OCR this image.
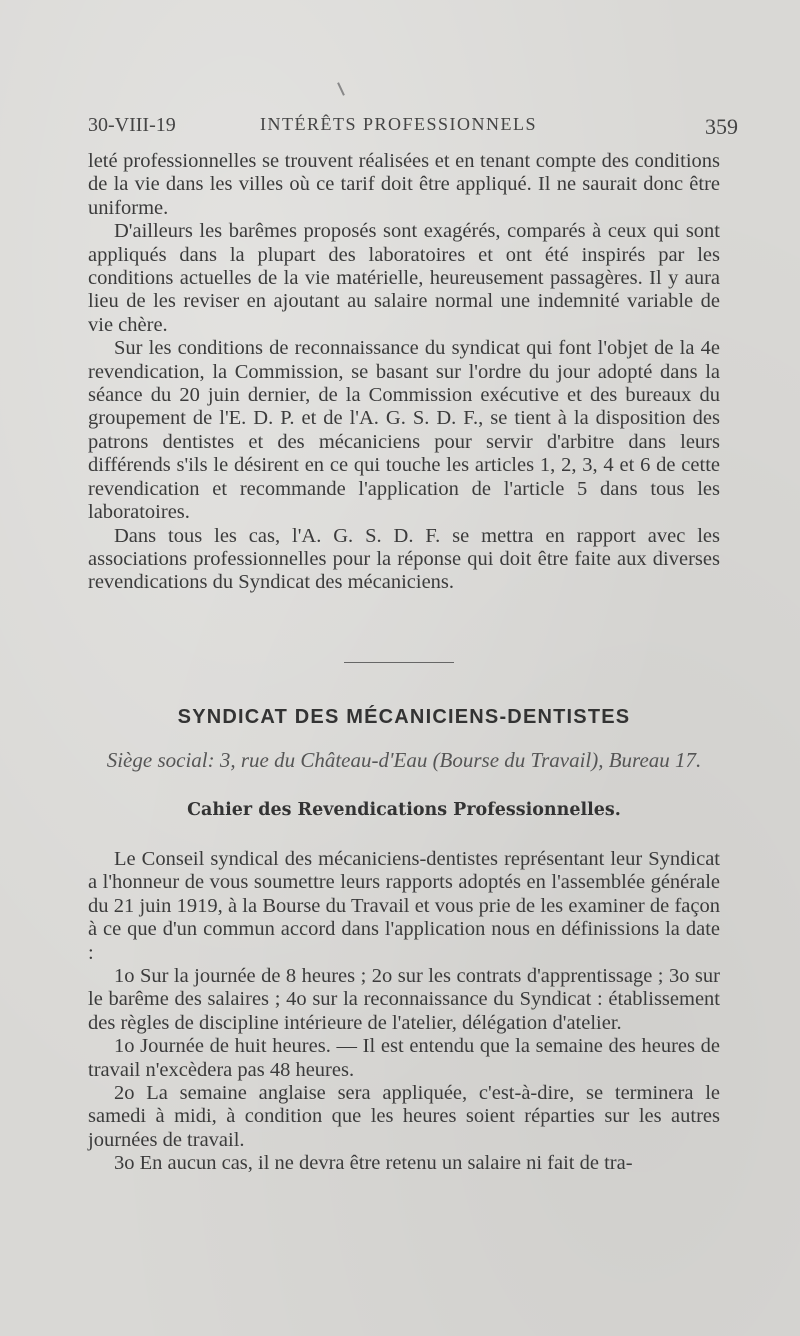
30-VIII-19	INTÉRÊTS PROFESSIONNELS	359

leté professionnelles se trouvent réalisées et en tenant compte des conditions de la vie dans les villes où ce tarif doit être appliqué. Il ne saurait donc être uniforme.

D'ailleurs les barêmes proposés sont exagérés, comparés à ceux qui sont appliqués dans la plupart des laboratoires et ont été inspirés par les conditions actuelles de la vie matérielle, heureusement passagères. Il y aura lieu de les reviser en ajoutant au salaire normal une indemnité variable de vie chère.

Sur les conditions de reconnaissance du syndicat qui font l'objet de la 4e revendication, la Commission, se basant sur l'ordre du jour adopté dans la séance du 20 juin dernier, de la Commission exécutive et des bureaux du groupement de l'E. D. P. et de l'A. G. S. D. F., se tient à la disposition des patrons dentistes et des mécaniciens pour servir d'arbitre dans leurs différends s'ils le désirent en ce qui touche les articles 1, 2, 3, 4 et 6 de cette revendication et recommande l'application de l'article 5 dans tous les laboratoires.

Dans tous les cas, l'A. G. S. D. F. se mettra en rapport avec les associations professionnelles pour la réponse qui doit être faite aux diverses revendications du Syndicat des mécaniciens.

SYNDICAT DES MÉCANICIENS-DENTISTES
Siège social: 3, rue du Château-d'Eau (Bourse du Travail), Bureau 17.
Cahier des Revendications Professionnelles.

Le Conseil syndical des mécaniciens-dentistes représentant leur Syndicat a l'honneur de vous soumettre leurs rapports adoptés en l'assemblée générale du 21 juin 1919, à la Bourse du Travail et vous prie de les examiner de façon à ce que d'un commun accord dans l'application nous en définissions la date :

1o Sur la journée de 8 heures ; 2o sur les contrats d'apprentissage ; 3o sur le barême des salaires ; 4o sur la reconnaissance du Syndicat : établissement des règles de discipline intérieure de l'atelier, délégation d'atelier.

1o Journée de huit heures. — Il est entendu que la semaine des heures de travail n'excèdera pas 48 heures.

2o La semaine anglaise sera appliquée, c'est-à-dire, se terminera le samedi à midi, à condition que les heures soient réparties sur les autres journées de travail.

3o En aucun cas, il ne devra être retenu un salaire ni fait de tra-
